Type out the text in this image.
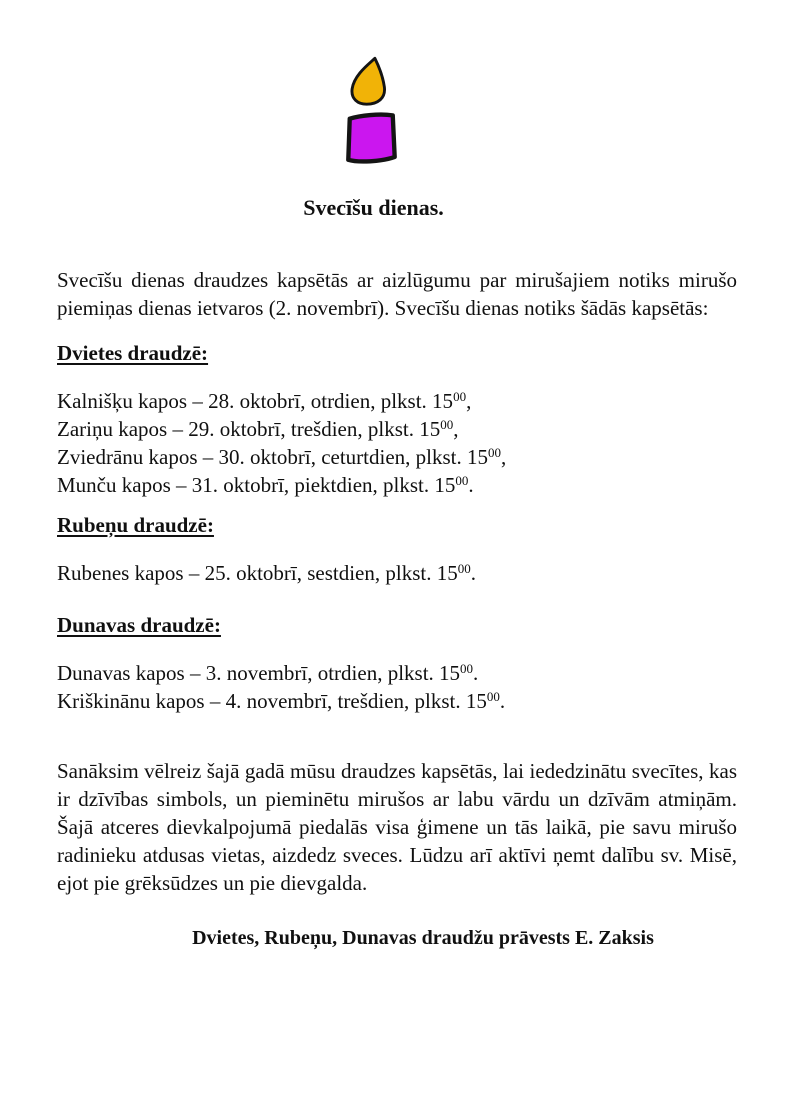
Svecīšu dienas.

Svecīšu dienas draudzes kapsētās ar aizlūgumu par mirušajiem notiks mirušo piemiņas dienas ietvaros (2. novembrī). Svecīšu dienas notiks šādās kapsētās:

Dvietes draudzē:

Kalnišķu kapos – 28. oktobrī, otrdien, plkst. $15^{00}$,

Zariņu kapos – 29. oktobrī, trešdien, plkst. $15^{00}$,

Zviedrānu kapos – 30. oktobrī, ceturtdien, plkst. $15^{00}$,

Munču kapos – 31. oktobrī, piektdien, plkst. $15^{00}$.

Rubeņu draudzē:

Rubenes kapos – 25. oktobrī, sestdien, plkst. $15^{00}$.

Dunavas draudzē:

Dunavas kapos – 3. novembrī, otrdien, plkst. $15^{00}$.

Kriškinānu kapos – 4. novembrī, trešdien, plkst. $15^{00}$.

Sanāksim vēlreiz šajā gadā mūsu draudzes kapsētās, lai iededzinātu svecītes, kas ir dzīvības simbols, un pieminētu mirušos ar labu vārdu un dzīvām atmiņām. Šajā atceres dievkalpojumā piedalās visa ģimene un tās laikā, pie savu mirušo radinieku atdusas vietas, aizdedz sveces. Lūdzu arī aktīvi ņemt dalību sv. Misē, ejot pie grēksūdzes un pie dievgalda.

Dvietes, Rubeņu, Dunavas draudžu prāvests E. Zaksis
